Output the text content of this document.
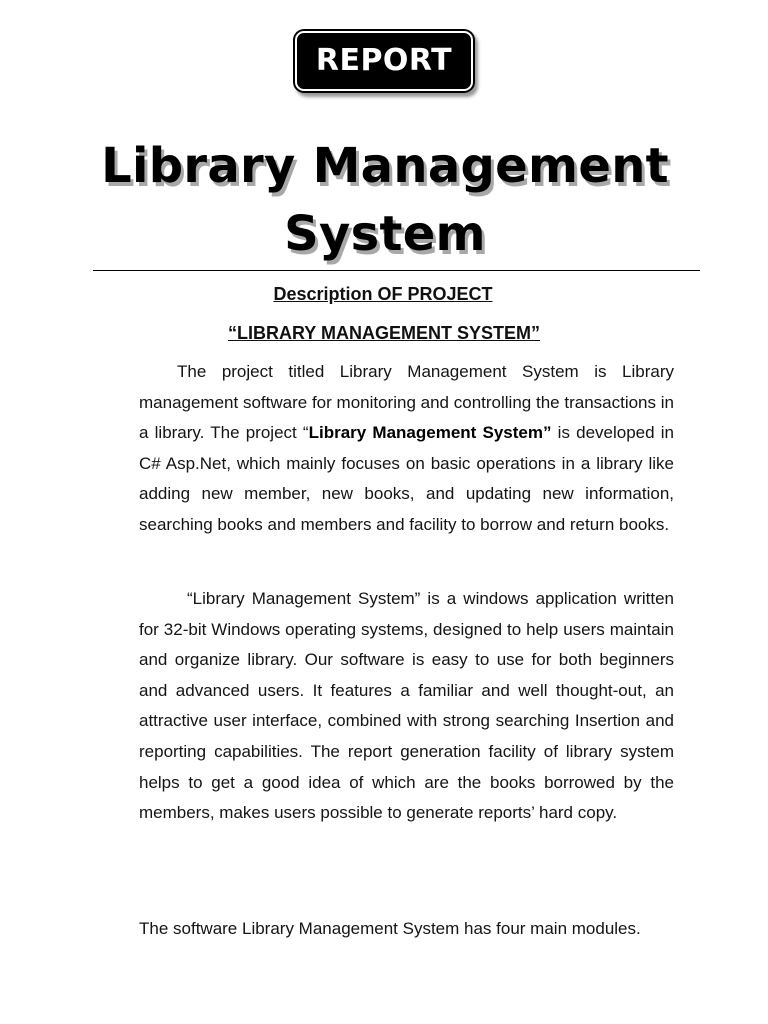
REPORT
Library Management
System
Description OF PROJECT
“LIBRARY MANAGEMENT SYSTEM”

The project titled Library Management System is Library management software for monitoring and controlling the transactions in a library. The project “Library Management System” is developed in C# Asp.Net, which mainly focuses on basic operations in a library like adding new member, new books, and updating new information, searching books and members and facility to borrow and return books.

“Library Management System” is a windows application written for 32-bit Windows operating systems, designed to help users maintain and organize library. Our software is easy to use for both beginners and advanced users. It features a familiar and well thought-out, an attractive user interface, combined with strong searching Insertion and reporting capabilities. The report generation facility of library system helps to get a good idea of which are the books borrowed by the members, makes users possible to generate reports’ hard copy.

The software Library Management System has four main modules.
